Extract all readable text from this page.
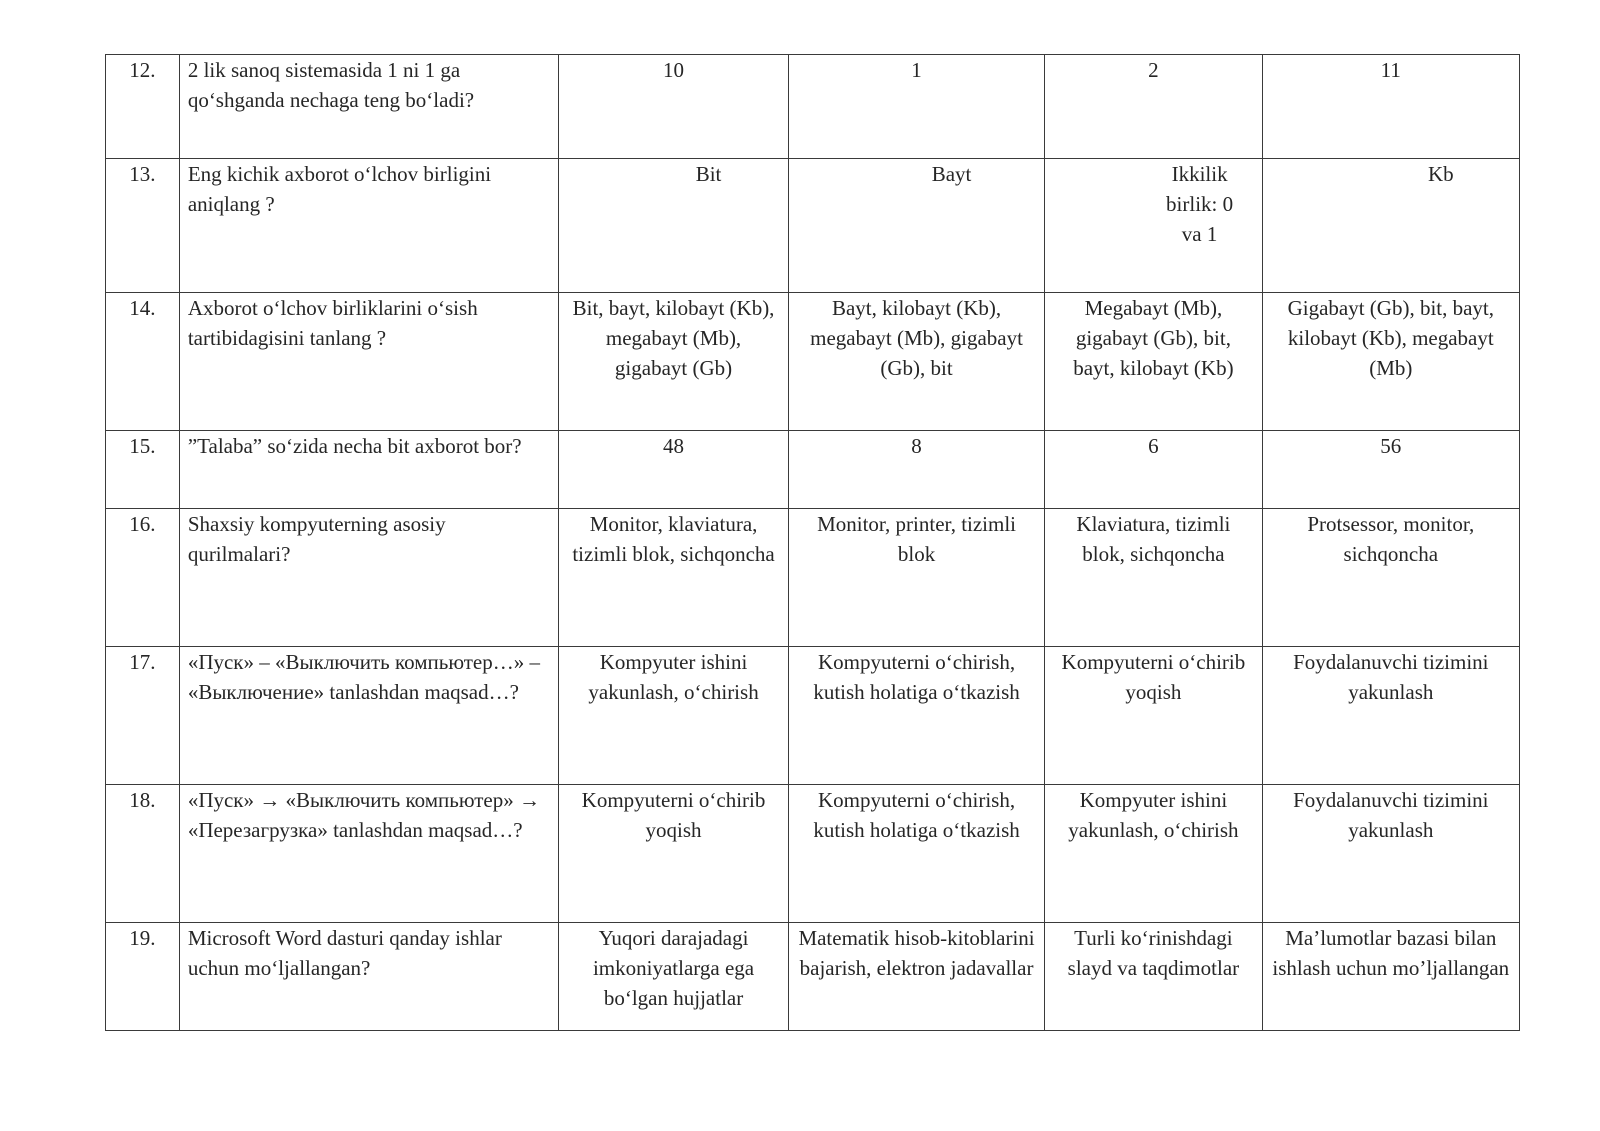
12.	2 lik sanoq sistemasida 1 ni 1 ga qo‘shganda nechaga teng bo‘ladi?	10	1	2	11
13.	Eng kichik axborot o‘lchov birligini aniqlang ?	Bit	Bayt	Ikkilik birlik: 0 va 1	Kb

14.	Axborot o‘lchov birliklarini o‘sish tartibidagisini tanlang ?	Bit, bayt, kilobayt (Kb), megabayt (Mb), gigabayt (Gb)	Bayt, kilobayt (Kb), megabayt (Mb), gigabayt (Gb), bit	Megabayt (Mb), gigabayt (Gb), bit, bayt, kilobayt (Kb)	Gigabayt (Gb), bit, bayt, kilobayt (Kb), megabayt (Mb)
15.	”Talaba” so‘zida necha bit axborot bor?	48	8	6	56
16.	Shaxsiy kompyuterning asosiy qurilmalari?	Monitor, klaviatura, tizimli blok, sichqoncha	Monitor, printer, tizimli blok	Klaviatura, tizimli blok, sichqoncha	Protsessor, monitor, sichqoncha
17.	«Пуск» – «Выключить компьютер…» – «Выключение» tanlashdan maqsad…?	Kompyuter ishini yakunlash, o‘chirish	Kompyuterni o‘chirish, kutish holatiga o‘tkazish	Kompyuterni o‘chirib yoqish	Foydalanuvchi tizimini yakunlash
18.	«Пуск» → «Выключить компьютер» → «Перезагрузка» tanlashdan maqsad…?	Kompyuterni o‘chirib yoqish	Kompyuterni o‘chirish, kutish holatiga o‘tkazish	Kompyuter ishini yakunlash, o‘chirish	Foydalanuvchi tizimini yakunlash
19.	Microsoft Word dasturi qanday ishlar uchun mo‘ljallangan?	Yuqori darajadagi imkoniyatlarga ega bo‘lgan hujjatlar	Matematik hisob-kitoblarini bajarish, elektron jadavallar	Turli ko‘rinishdagi slayd va taqdimotlar	Ma’lumotlar bazasi bilan ishlash uchun mo’ljallangan
